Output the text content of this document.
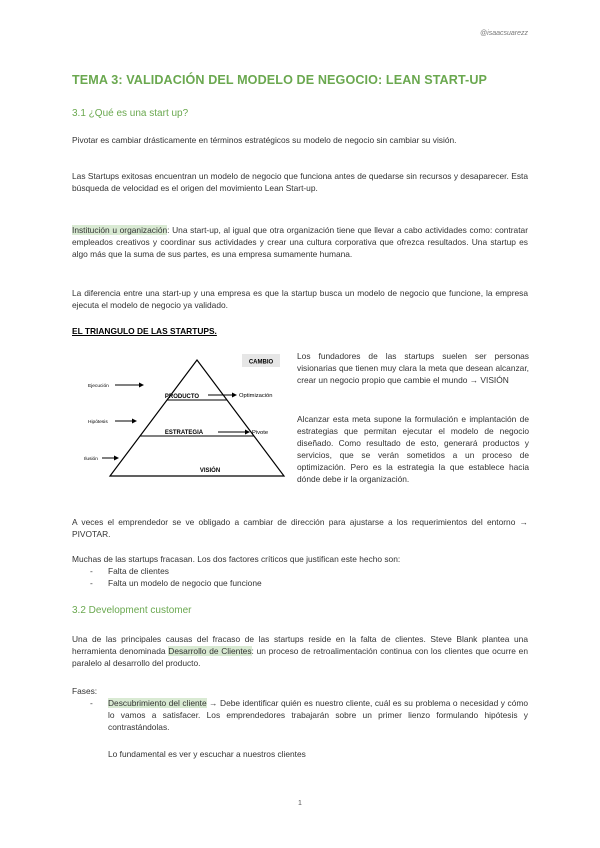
@isaacsuarezz
TEMA 3: VALIDACIÓN DEL MODELO DE NEGOCIO: LEAN START-UP
3.1 ¿Qué es una start up?
Pivotar es cambiar drásticamente en términos estratégicos su modelo de negocio sin cambiar su visión.
Las Startups exitosas encuentran un modelo de negocio que funciona antes de quedarse sin recursos y desaparecer. Esta búsqueda de velocidad es el origen del movimiento Lean Start-up.
Institución u organización: Una start-up, al igual que otra organización tiene que llevar a cabo actividades como: contratar empleados creativos y coordinar sus actividades y crear una cultura corporativa que ofrezca resultados. Una startup es algo más que la suma de sus partes, es una empresa sumamente humana.
La diferencia entre una start-up y una empresa es que la startup busca un modelo de negocio que funcione, la empresa ejecuta el modelo de negocio ya validado.
EL TRIANGULO DE LAS STARTUPS.
CAMBIO
PRODUCTO
ESTRATEGIA
VISIÓN
Optimización
Pivote
Ejecución
Hipótesis
Ilusión
Los fundadores de las startups suelen ser personas visionarias que tienen muy clara la meta que desean alcanzar, crear un negocio propio que cambie el mundo → VISIÓN
Alcanzar esta meta supone la formulación e implantación de estrategias que permitan ejecutar el modelo de negocio diseñado. Como resultado de esto, generará productos y servicios, que se verán sometidos a un proceso de optimización. Pero es la estrategia la que establece hacia dónde debe ir la organización.
A veces el emprendedor se ve obligado a cambiar de dirección para ajustarse a los requerimientos del entorno → PIVOTAR.
Muchas de las startups fracasan. Los dos factores críticos que justifican este hecho son:
- Falta de clientes
- Falta un modelo de negocio que funcione
3.2 Development customer
Una de las principales causas del fracaso de las startups reside en la falta de clientes. Steve Blank plantea una herramienta denominada Desarrollo de Clientes: un proceso de retroalimentación continua con los clientes que ocurre en paralelo al desarrollo del producto.
Fases:
- Descubrimiento del cliente → Debe identificar quién es nuestro cliente, cuál es su problema o necesidad y cómo lo vamos a satisfacer. Los emprendedores trabajarán sobre un primer lienzo formulando hipótesis y contrastándolas.
Lo fundamental es ver y escuchar a nuestros clientes
1
